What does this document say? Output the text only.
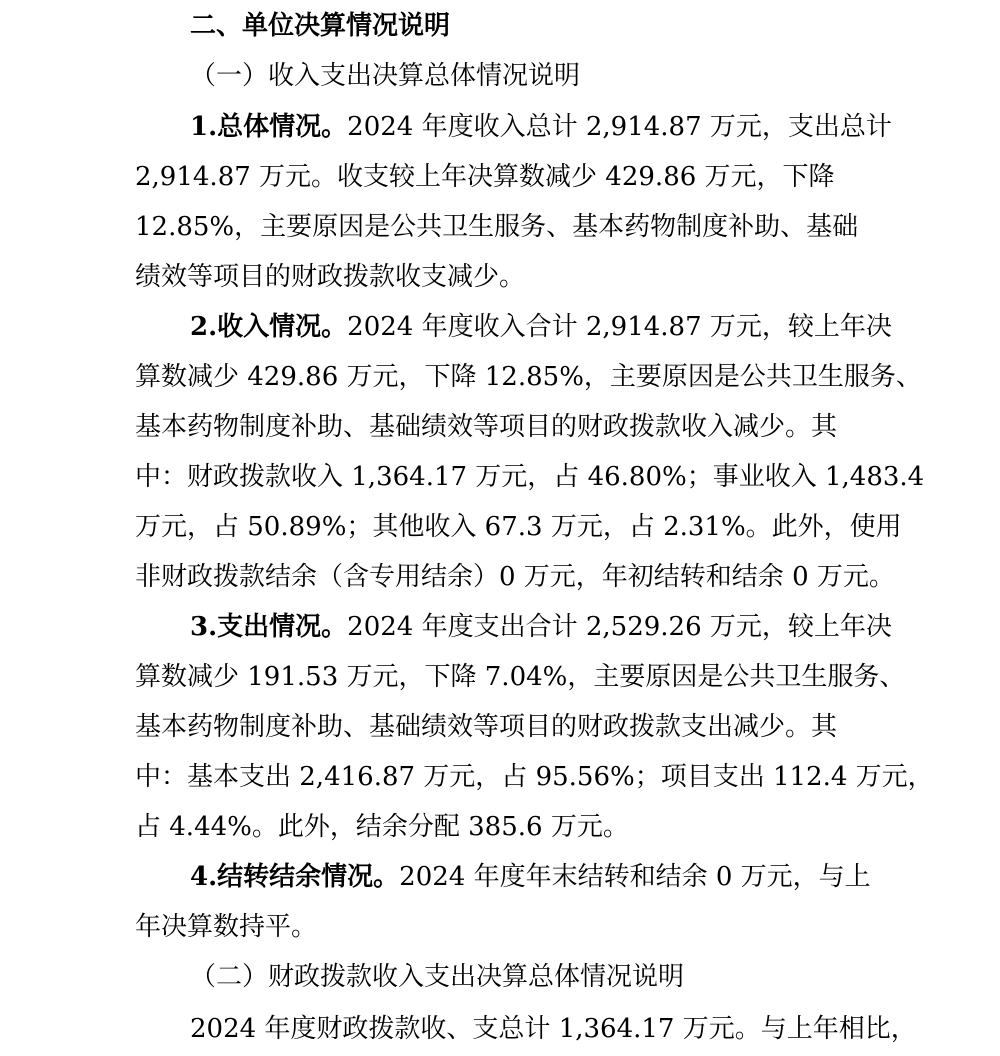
二、单位决算情况说明
（一）收入支出决算总体情况说明
1.总体情况。2024 年度收入总计 2,914.87 万元，支出总计
2,914.87 万元。收支较上年决算数减少 429.86 万元，下降
12.85%，主要原因是公共卫生服务、基本药物制度补助、基础
绩效等项目的财政拨款收支减少。
2.收入情况。2024 年度收入合计 2,914.87 万元，较上年决
算数减少 429.86 万元，下降 12.85%，主要原因是公共卫生服务、
基本药物制度补助、基础绩效等项目的财政拨款收入减少。其
中：财政拨款收入 1,364.17 万元，占 46.80%；事业收入 1,483.4
万元，占 50.89%；其他收入 67.3 万元，占 2.31%。此外，使用
非财政拨款结余（含专用结余）0 万元，年初结转和结余 0 万元。
3.支出情况。2024 年度支出合计 2,529.26 万元，较上年决
算数减少 191.53 万元，下降 7.04%，主要原因是公共卫生服务、
基本药物制度补助、基础绩效等项目的财政拨款支出减少。其
中：基本支出 2,416.87 万元，占 95.56%；项目支出 112.4 万元，
占 4.44%。此外，结余分配 385.6 万元。
4.结转结余情况。2024 年度年末结转和结余 0 万元，与上
年决算数持平。
（二）财政拨款收入支出决算总体情况说明
2024 年度财政拨款收、支总计 1,364.17 万元。与上年相比，
